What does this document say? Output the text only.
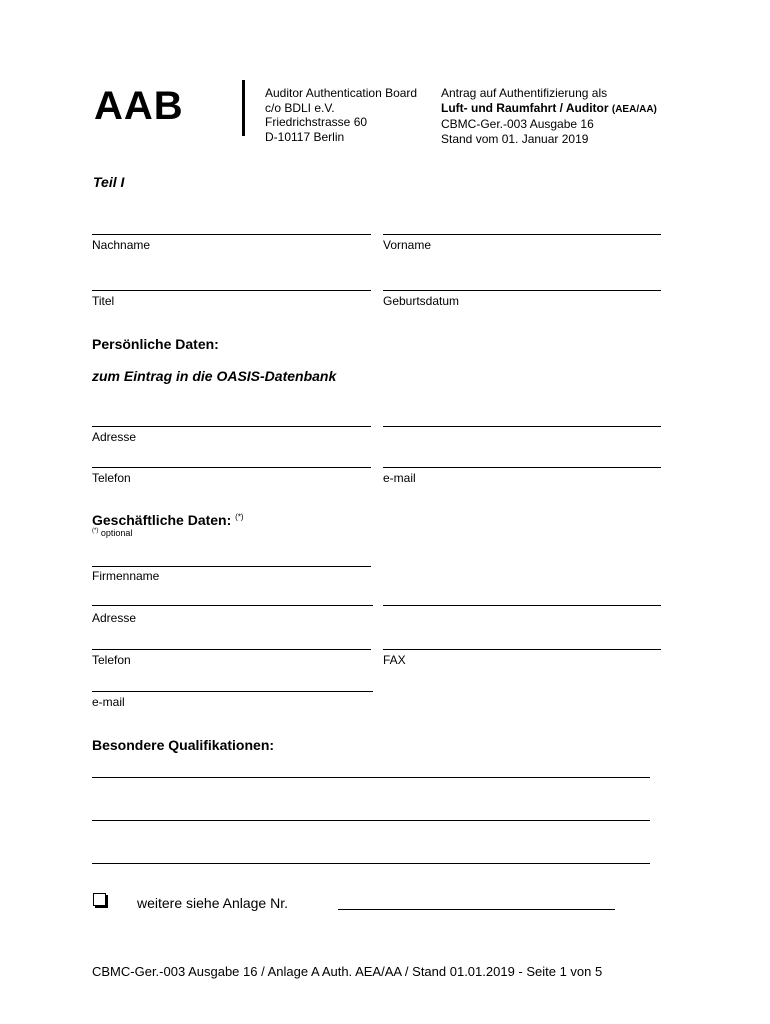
AAB	Auditor Authentication Board
c/o BDLI e.V.
Friedrichstrasse 60
D-10117 Berlin
Antrag auf Authentifizierung als
Luft- und Raumfahrt / Auditor (AEA/AA)
CBMC-Ger.-003 Ausgabe 16
Stand vom 01. Januar 2019
Teil I
Nachname	Vorname
Titel	Geburtsdatum
Persönliche Daten:
zum Eintrag in die OASIS-Datenbank
Adresse
Telefon	e-mail
Geschäftliche Daten: (*)
(*) optional
Firmenname
Adresse
Telefon	FAX
e-mail
Besondere Qualifikationen:
weitere siehe Anlage Nr.
CBMC-Ger.-003 Ausgabe 16 / Anlage A Auth. AEA/AA / Stand 01.01.2019 - Seite 1 von 5
